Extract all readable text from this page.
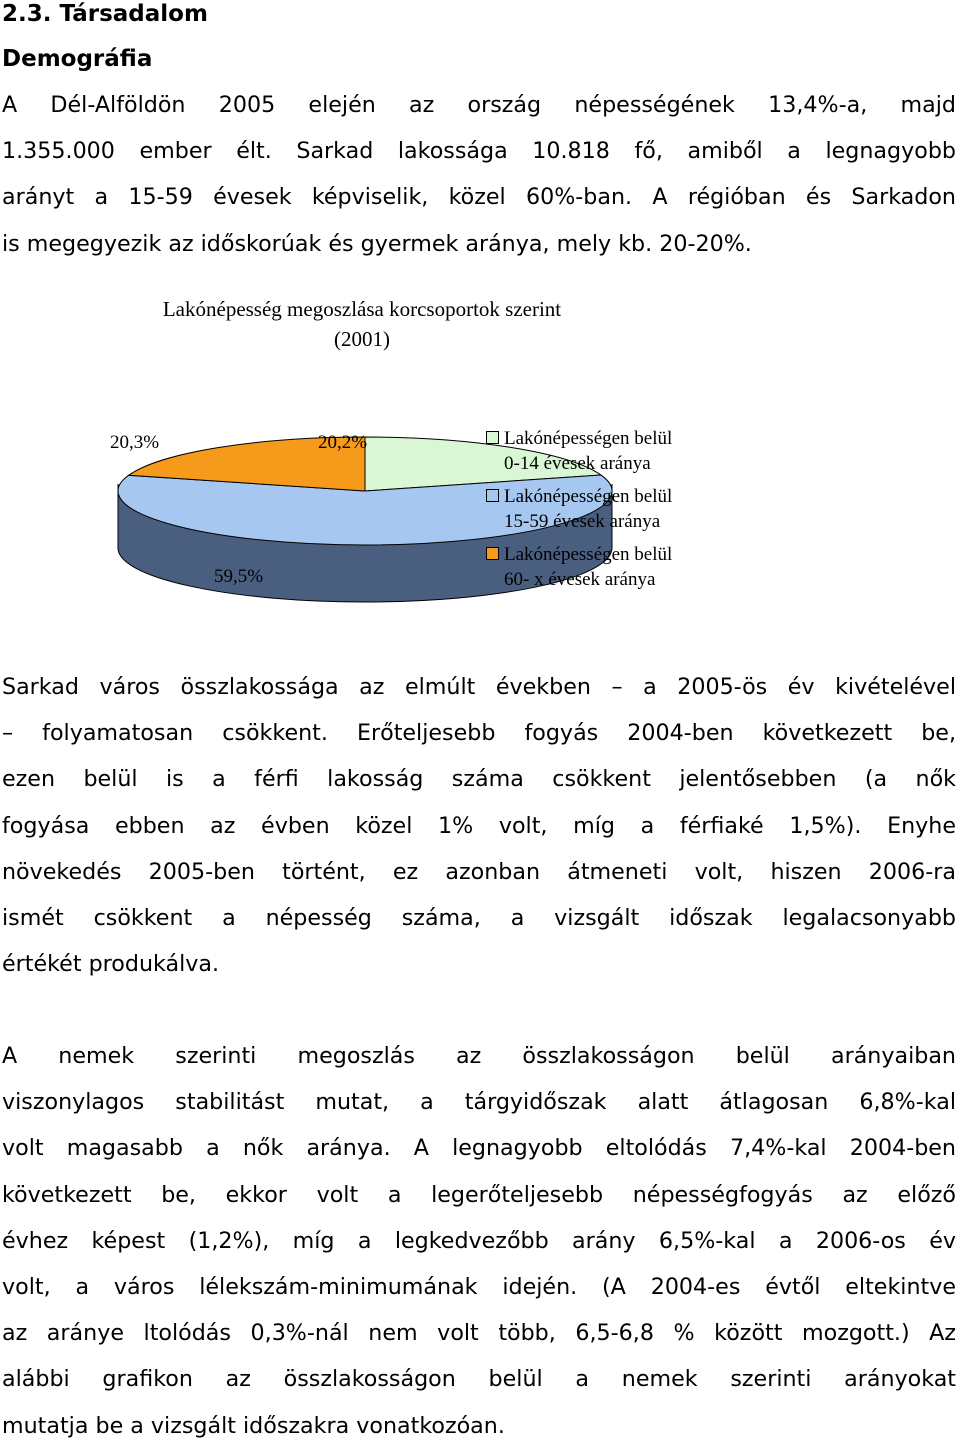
2.3. Társadalom
Demográfia
A Dél-Alföldön 2005 elején az ország népességének 13,4%-a, majd
1.355.000 ember élt. Sarkad lakossága 10.818 fő, amiből a legnagyobb
arányt a 15-59 évesek képviselik, közel 60%-ban. A régióban és Sarkadon
is megegyezik az időskorúak és gyermek aránya, mely kb. 20-20%.
Lakónépesség megoszlása korcsoportok szerint
(2001)
20,3%	20,2%
59,5%
Lakónépességen belül
0-14 évesek aránya
Lakónépességen belül
15-59 évesek aránya
Lakónépességen belül
60- x évesek aránya
Sarkad város összlakossága az elmúlt években – a 2005-ös év kivételével
– folyamatosan csökkent. Erőteljesebb fogyás 2004-ben következett be,
ezen belül is a férfi lakosság száma csökkent jelentősebben (a nők
fogyása ebben az évben közel 1% volt, míg a férfiaké 1,5%). Enyhe
növekedés 2005-ben történt, ez azonban átmeneti volt, hiszen 2006-ra
ismét csökkent a népesség száma, a vizsgált időszak legalacsonyabb
értékét produkálva.
A nemek szerinti megoszlás az összlakosságon belül arányaiban
viszonylagos stabilitást mutat, a tárgyidőszak alatt átlagosan 6,8%-kal
volt magasabb a nők aránya. A legnagyobb eltolódás 7,4%-kal 2004-ben
következett be, ekkor volt a legerőteljesebb népességfogyás az előző
évhez képest (1,2%), míg a legkedvezőbb arány 6,5%-kal a 2006-os év
volt, a város lélekszám-minimumának idején. (A 2004-es évtől eltekintve
az aránye ltolódás 0,3%-nál nem volt több, 6,5-6,8 % között mozgott.) Az
alábbi grafikon az összlakosságon belül a nemek szerinti arányokat
mutatja be a vizsgált időszakra vonatkozóan.
